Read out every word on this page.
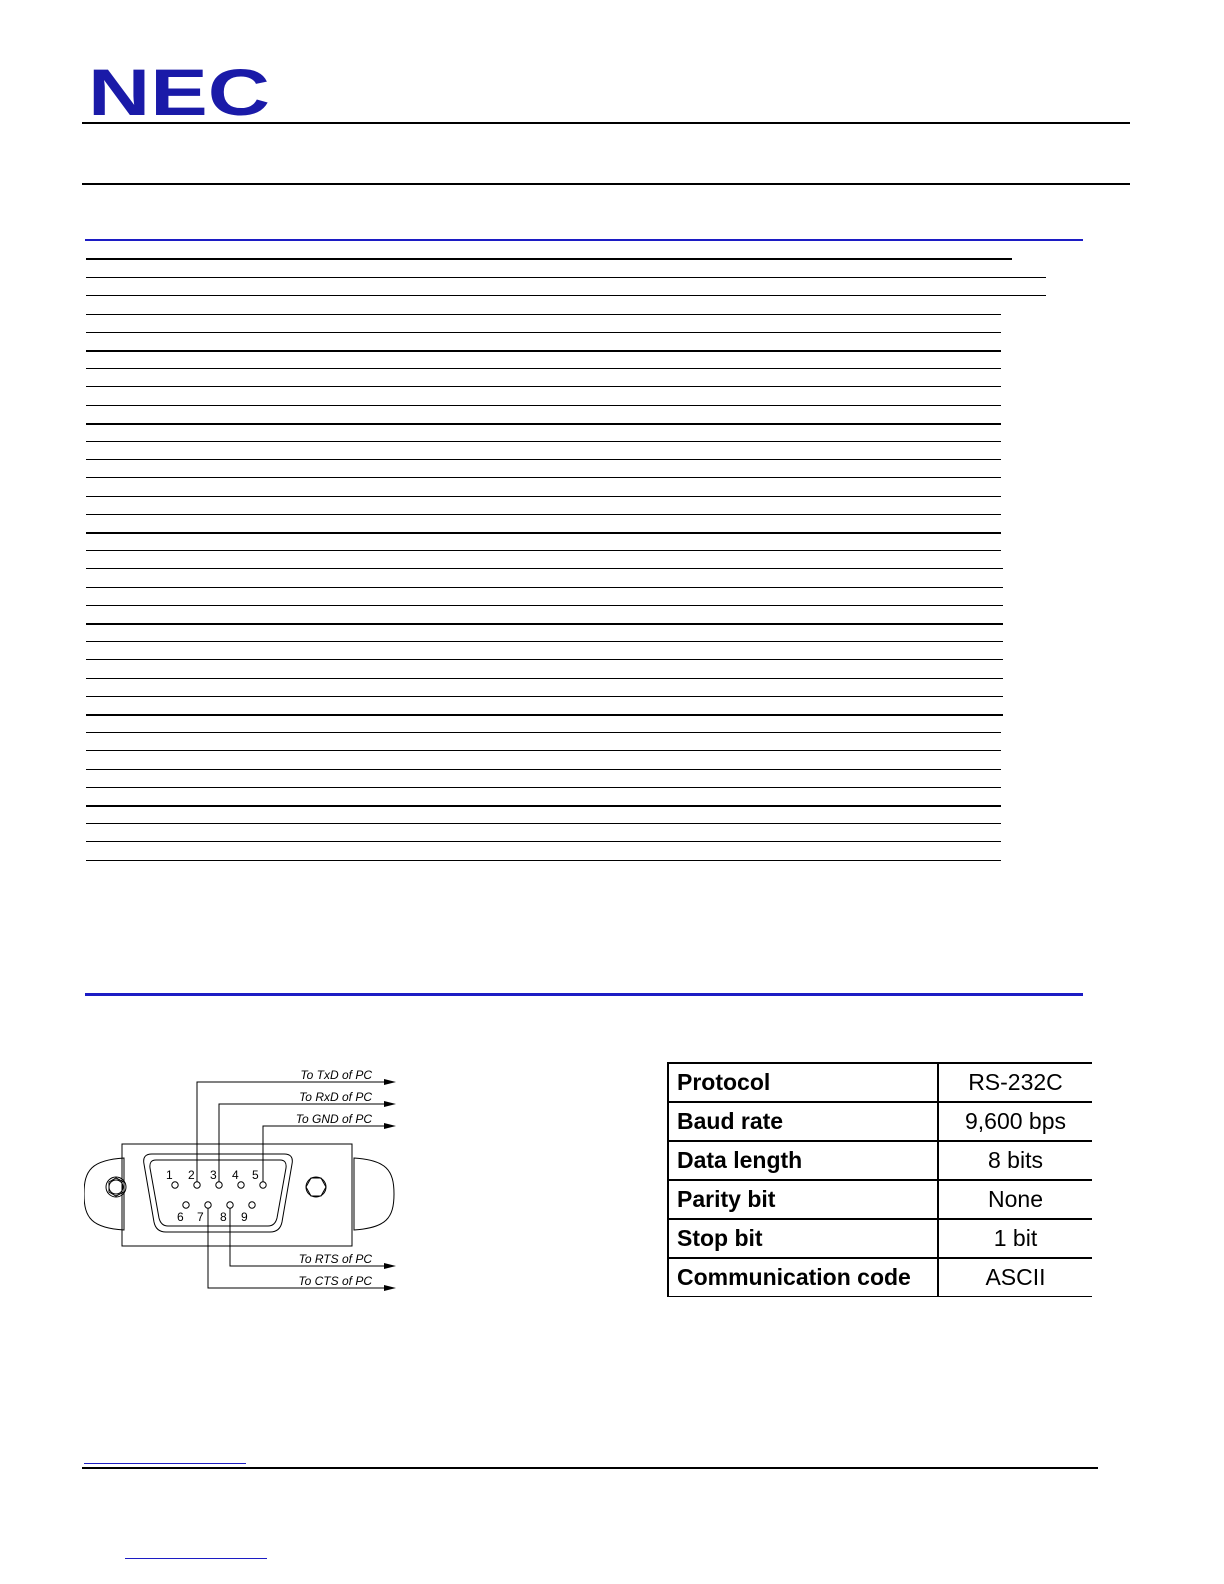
NEC
1 2 3 4 5
6 7 8 9
To TxD of PC
To RxD of PC
To GND of PC
To RTS of PC
To CTS of PC
Protocol	RS-232C
Baud rate	9,600 bps
Data length	8 bits
Parity bit	None
Stop bit	1 bit
Communication code	ASCII
